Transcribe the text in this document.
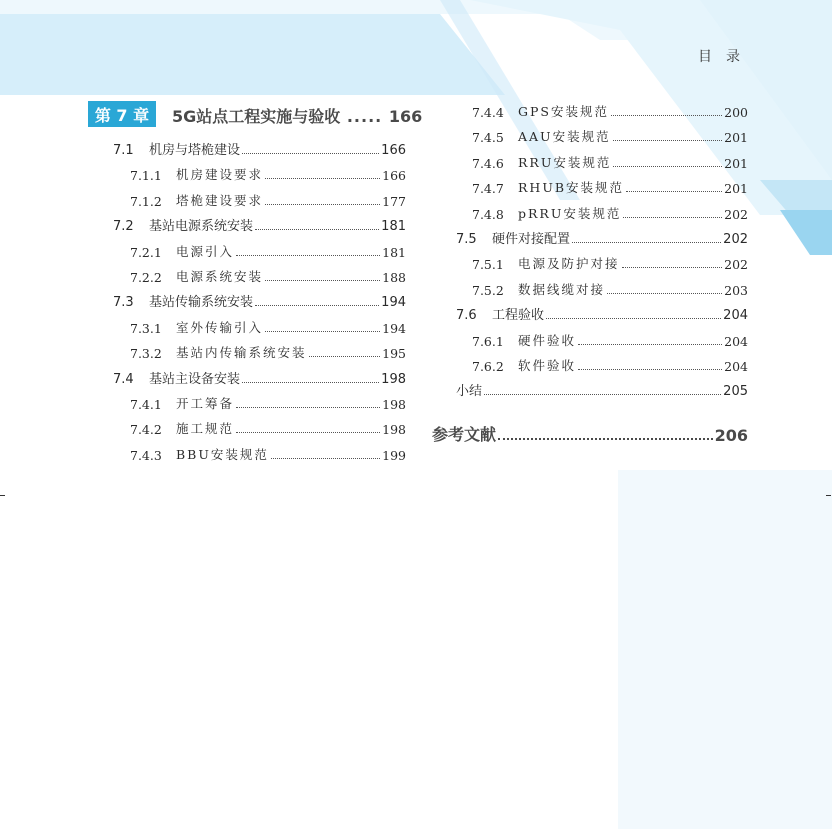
目录
第 7 章	5G站点工程实施与验收 ..... 166
7.1	机房与塔桅建设	166
7.1.1	机房建设要求	166
7.1.2	塔桅建设要求	177
7.2	基站电源系统安装	181
7.2.1	电源引入	181
7.2.2	电源系统安装	188
7.3	基站传输系统安装	194
7.3.1	室外传输引入	194
7.3.2	基站内传输系统安装	195
7.4	基站主设备安装	198
7.4.1	开工筹备	198
7.4.2	施工规范	198
7.4.3	BBU安装规范	199
7.4.4	GPS安装规范	200
7.4.5	AAU安装规范	201
7.4.6	RRU安装规范	201
7.4.7	RHUB安装规范	201
7.4.8	pRRU安装规范	202
7.5	硬件对接配置	202
7.5.1	电源及防护对接	202
7.5.2	数据线缆对接	203
7.6	工程验收	204
7.6.1	硬件验收	204
7.6.2	软件验收	204
小结	205
参考文献	206
